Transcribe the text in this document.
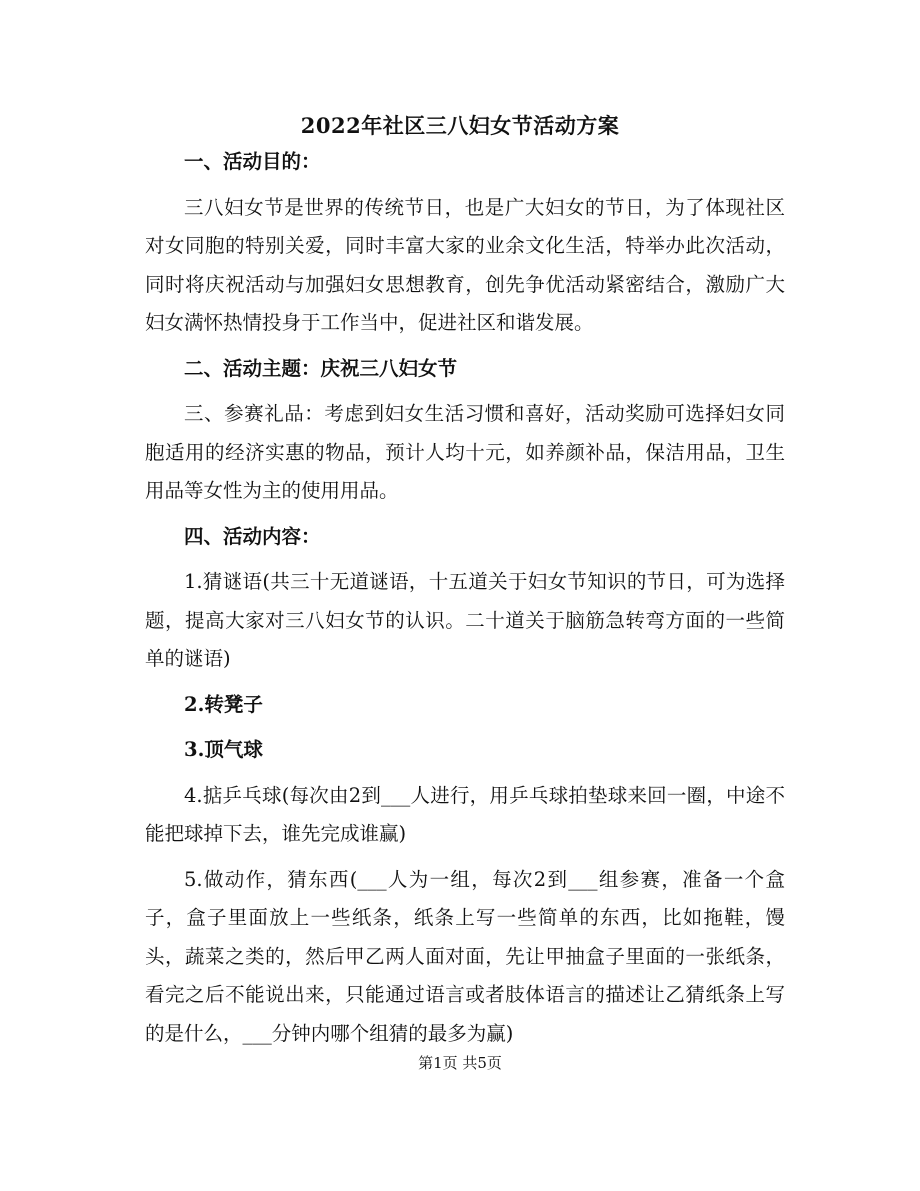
2022年社区三八妇女节活动方案

一、活动目的：

三八妇女节是世界的传统节日，也是广大妇女的节日，为了体现社区对女同胞的特别关爱，同时丰富大家的业余文化生活，特举办此次活动，同时将庆祝活动与加强妇女思想教育，创先争优活动紧密结合，激励广大妇女满怀热情投身于工作当中，促进社区和谐发展。

二、活动主题：庆祝三八妇女节

三、参赛礼品：考虑到妇女生活习惯和喜好，活动奖励可选择妇女同胞适用的经济实惠的物品，预计人均十元，如养颜补品，保洁用品，卫生用品等女性为主的使用用品。

四、活动内容：

1.猜谜语(共三十无道谜语，十五道关于妇女节知识的节日，可为选择题，提高大家对三八妇女节的认识。二十道关于脑筋急转弯方面的一些简单的谜语)

2.转凳子

3.顶气球

4.掂乒乓球(每次由2到___人进行，用乒乓球拍垫球来回一圈，中途不能把球掉下去，谁先完成谁赢)

5.做动作，猜东西(___人为一组，每次2到___组参赛，准备一个盒子，盒子里面放上一些纸条，纸条上写一些简单的东西，比如拖鞋，馒头，蔬菜之类的，然后甲乙两人面对面，先让甲抽盒子里面的一张纸条，看完之后不能说出来，只能通过语言或者肢体语言的描述让乙猜纸条上写的是什么，___分钟内哪个组猜的最多为赢)

第1页 共5页
